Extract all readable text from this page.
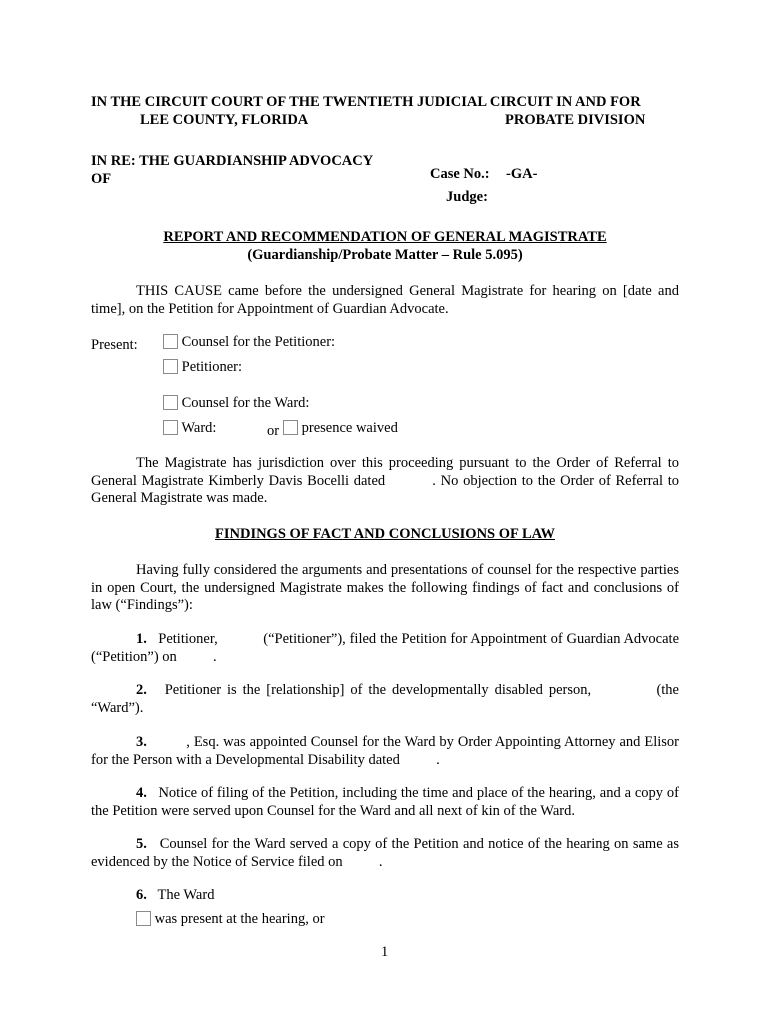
IN THE CIRCUIT COURT OF THE TWENTIETH JUDICIAL CIRCUIT IN AND FOR
LEE COUNTY, FLORIDA	PROBATE DIVISION
IN RE: THE GUARDIANSHIP ADVOCACY
OF	Case No.: -GA-
Judge:
REPORT AND RECOMMENDATION OF GENERAL MAGISTRATE
(Guardianship/Probate Matter – Rule 5.095)
THIS CAUSE came before the undersigned General Magistrate for hearing on [date and time], on the Petition for Appointment of Guardian Advocate.
Present:	Counsel for the Petitioner:
Petitioner:
Counsel for the Ward:
Ward:	or	presence waived
The Magistrate has jurisdiction over this proceeding pursuant to the Order of Referral to General Magistrate Kimberly Davis Bocelli dated          . No objection to the Order of Referral to General Magistrate was made.
FINDINGS OF FACT AND CONCLUSIONS OF LAW
Having fully considered the arguments and presentations of counsel for the respective parties in open Court, the undersigned Magistrate makes the following findings of fact and conclusions of law (“Findings”):
1. Petitioner,            (“Petitioner”), filed the Petition for Appointment of Guardian Advocate (“Petition”) on          .
2. Petitioner is the [relationship] of the developmentally disabled person,           (the “Ward”).
3.          , Esq. was appointed Counsel for the Ward by Order Appointing Attorney and Elisor for the Person with a Developmental Disability dated          .
4. Notice of filing of the Petition, including the time and place of the hearing, and a copy of the Petition were served upon Counsel for the Ward and all next of kin of the Ward.
5. Counsel for the Ward served a copy of the Petition and notice of the hearing on same as evidenced by the Notice of Service filed on          .
6. The Ward
was present at the hearing, or
1
